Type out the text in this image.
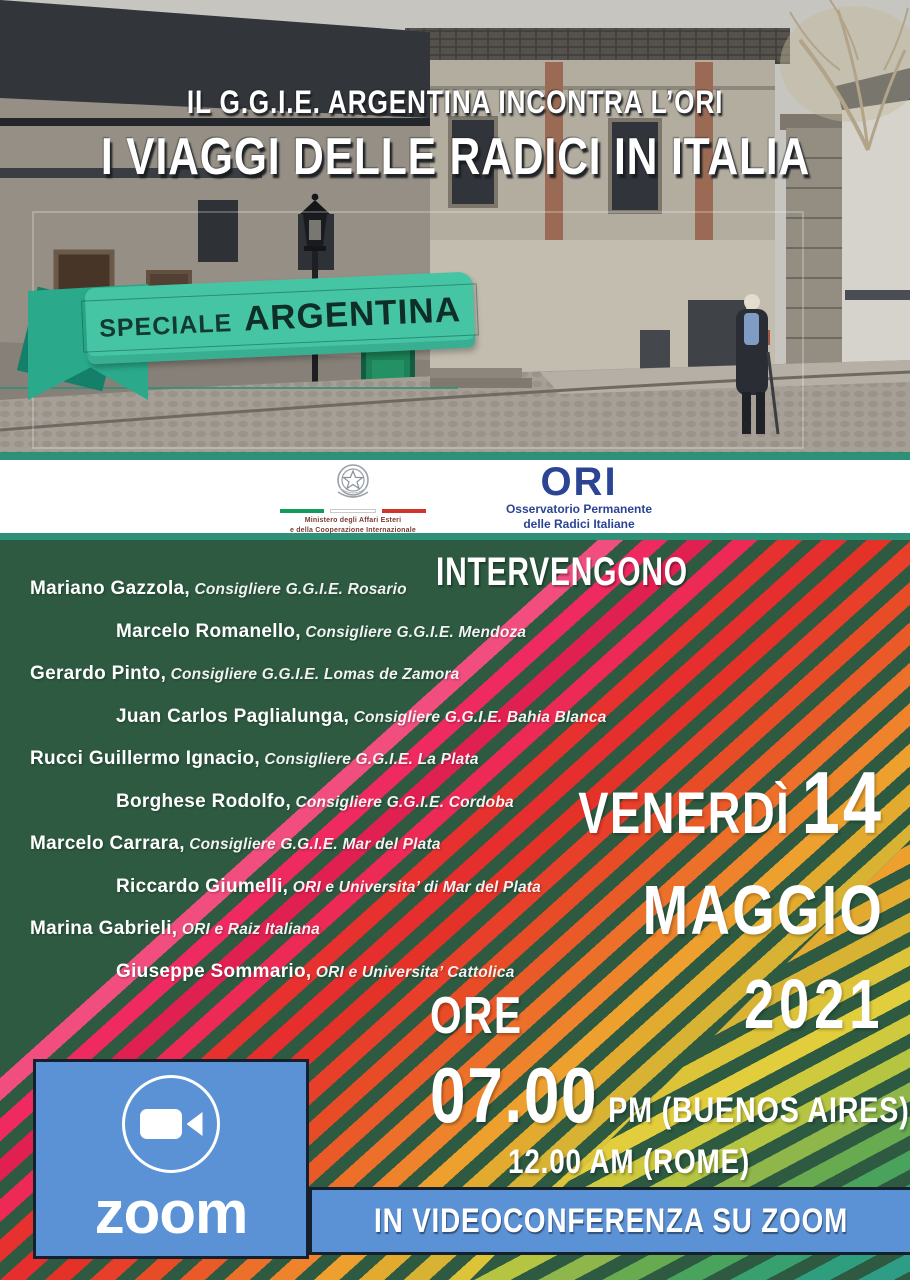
IL G.G.I.E. ARGENTINA INCONTRA L’ORI
I VIAGGI DELLE RADICI IN ITALIA
SPECIALE ARGENTINA
Ministero degli Affari Esteri
e della Cooperazione Internazionale
ORI
Osservatorio Permanente
delle Radici Italiane
INTERVENGONO
Mariano Gazzola, Consigliere G.G.I.E. Rosario
Marcelo Romanello, Consigliere G.G.I.E. Mendoza
Gerardo Pinto, Consigliere G.G.I.E. Lomas de Zamora
Juan Carlos Paglialunga, Consigliere G.G.I.E. Bahia Blanca
Rucci Guillermo Ignacio, Consigliere G.G.I.E. La Plata
Borghese Rodolfo, Consigliere G.G.I.E. Cordoba
Marcelo Carrara, Consigliere G.G.I.E. Mar del Plata
Riccardo Giumelli, ORI e Universita’ di Mar del Plata
Marina Gabrieli, ORI e Raiz Italiana
Giuseppe Sommario, ORI e Universita’ Cattolica
VENERDÌ 14
MAGGIO
2021
ORE
07.00 PM (BUENOS AIRES)
12.00 AM (ROME)
zoom	IN VIDEOCONFERENZA SU ZOOM
